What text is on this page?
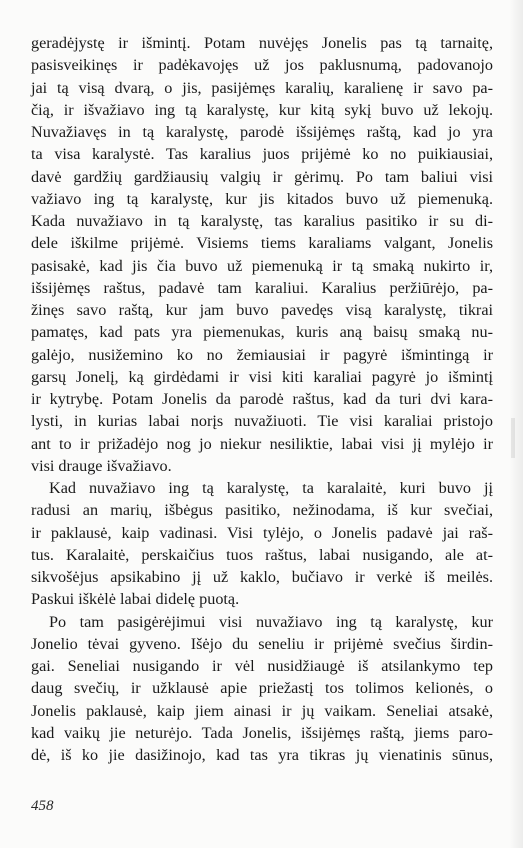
geradėjystę ir išmintį. Potam nuvėjęs Jonelis pas tą tarnaitę,
pasisveikinęs ir padėkavojęs už jos paklusnumą, padovanojo
jai tą visą dvarą, o jis, pasijėmęs karalių, karalienę ir savo pa-
čią, ir išvažiavo ing tą karalystę, kur kitą sykį buvo už lekojų.
Nuvažiavęs in tą karalystę, parodė išsijėmęs raštą, kad jo yra
ta visa karalystė. Tas karalius juos prijėmė ko no puikiausiai,
davė gardžių gardžiausių valgių ir gėrimų. Po tam baliui visi
važiavo ing tą karalystę, kur jis kitados buvo už piemenuką.
Kada nuvažiavo in tą karalystę, tas karalius pasitiko ir su di-
dele iškilme prijėmė. Visiems tiems karaliams valgant, Jonelis
pasisakė, kad jis čia buvo už piemenuką ir tą smaką nukirto ir,
išsijėmęs raštus, padavė tam karaliui. Karalius peržiūrėjo, pa-
žinęs savo raštą, kur jam buvo pavedęs visą karalystę, tikrai
pamatęs, kad pats yra piemenukas, kuris aną baisų smaką nu-
galėjo, nusižemino ko no žemiausiai ir pagyrė išmintingą ir
garsų Jonelį, ką girdėdami ir visi kiti karaliai pagyrė jo išmintį
ir kytrybę. Potam Jonelis da parodė raštus, kad da turi dvi kara-
lysti, in kurias labai norįs nuvažiuoti. Tie visi karaliai pristojo
ant to ir prižadėjo nog jo niekur nesiliktie, labai visi jį mylėjo ir
visi drauge išvažiavo.
Kad nuvažiavo ing tą karalystę, ta karalaitė, kuri buvo jį
radusi an marių, išbėgus pasitiko, nežinodama, iš kur svečiai,
ir paklausė, kaip vadinasi. Visi tylėjo, o Jonelis padavė jai raš-
tus. Karalaitė, perskaičius tuos raštus, labai nusigando, ale at-
sikvošėjus apsikabino jį už kaklo, bučiavo ir verkė iš meilės.
Paskui iškėlė labai didelę puotą.
Po tam pasigėrėjimui visi nuvažiavo ing tą karalystę, kur
Jonelio tėvai gyveno. Išėjo du seneliu ir prijėmė svečius širdin-
gai. Seneliai nusigando ir vėl nusidžiaugė iš atsilankymo tep
daug svečių, ir užklausė apie priežastį tos tolimos kelionės, o
Jonelis paklausė, kaip jiem ainasi ir jų vaikam. Seneliai atsakė,
kad vaikų jie neturėjo. Tada Jonelis, išsijėmęs raštą, jiems paro-
dė, iš ko jie dasižinojo, kad tas yra tikras jų vienatinis sūnus,
458
